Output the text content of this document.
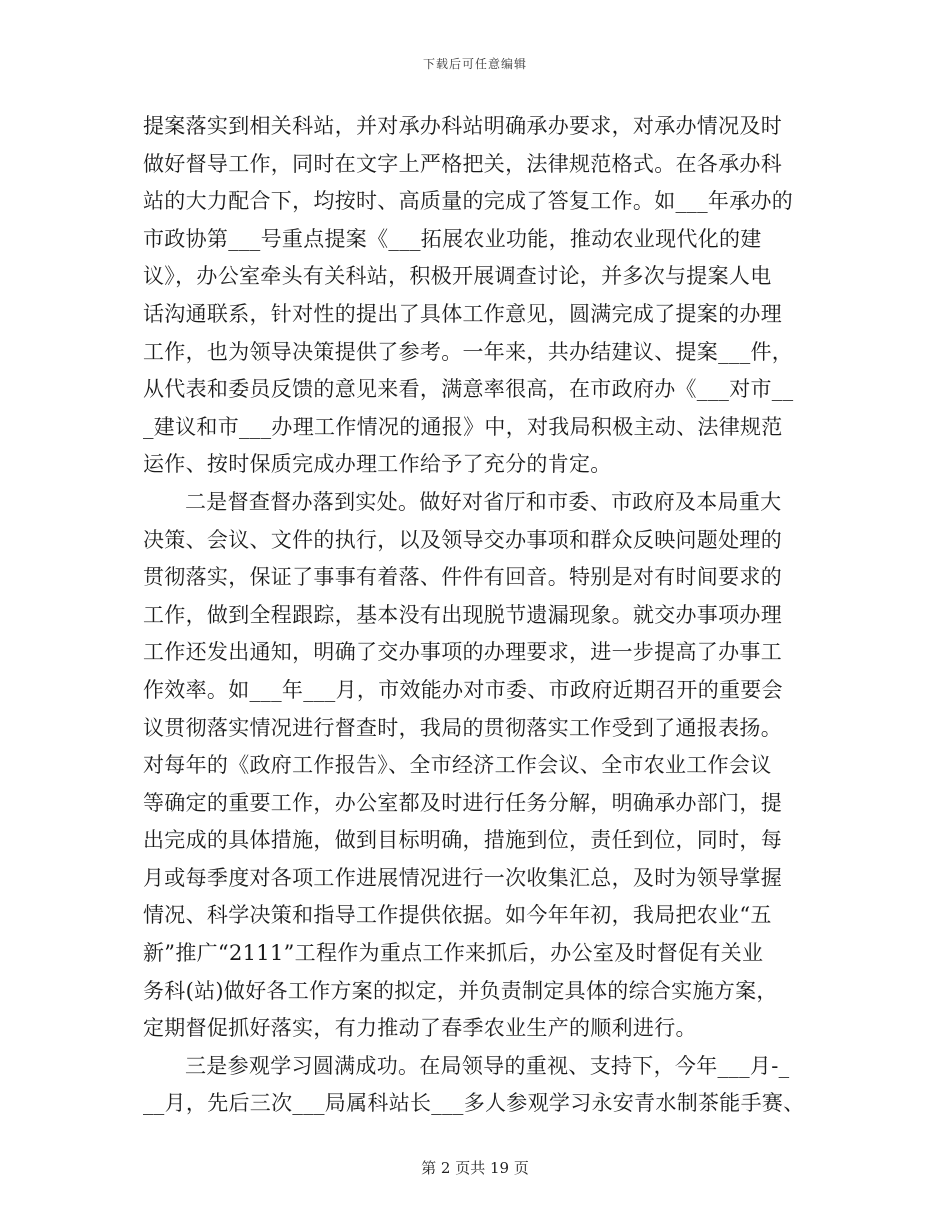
下载后可任意编辑
提案落实到相关科站，并对承办科站明确承办要求，对承办情况及时
做好督导工作，同时在文字上严格把关，法律规范格式。在各承办科
站的大力配合下，均按时、高质量的完成了答复工作。如___年承办的
市政协第___号重点提案《___拓展农业功能，推动农业现代化的建
议》，办公室牵头有关科站，积极开展调查讨论，并多次与提案人电
话沟通联系，针对性的提出了具体工作意见，圆满完成了提案的办理
工作，也为领导决策提供了参考。一年来，共办结建议、提案___件，
从代表和委员反馈的意见来看，满意率很高，在市政府办《___对市__
_建议和市___办理工作情况的通报》中，对我局积极主动、法律规范
运作、按时保质完成办理工作给予了充分的肯定。
二是督查督办落到实处。做好对省厅和市委、市政府及本局重大
决策、会议、文件的执行，以及领导交办事项和群众反映问题处理的
贯彻落实，保证了事事有着落、件件有回音。特别是对有时间要求的
工作，做到全程跟踪，基本没有出现脱节遗漏现象。就交办事项办理
工作还发出通知，明确了交办事项的办理要求，进一步提高了办事工
作效率。如___年___月，市效能办对市委、市政府近期召开的重要会
议贯彻落实情况进行督查时，我局的贯彻落实工作受到了通报表扬。
对每年的《政府工作报告》、全市经济工作会议、全市农业工作会议
等确定的重要工作，办公室都及时进行任务分解，明确承办部门，提
出完成的具体措施，做到目标明确，措施到位，责任到位，同时，每
月或每季度对各项工作进展情况进行一次收集汇总，及时为领导掌握
情况、科学决策和指导工作提供依据。如今年年初，我局把农业“五
新”推广“2111”工程作为重点工作来抓后，办公室及时督促有关业
务科(站)做好各工作方案的拟定，并负责制定具体的综合实施方案，
定期督促抓好落实，有力推动了春季农业生产的顺利进行。
三是参观学习圆满成功。在局领导的重视、支持下，今年___月-_
__月，先后三次___局属科站长___多人参观学习永安青水制茶能手赛、
第 2 页共 19 页
